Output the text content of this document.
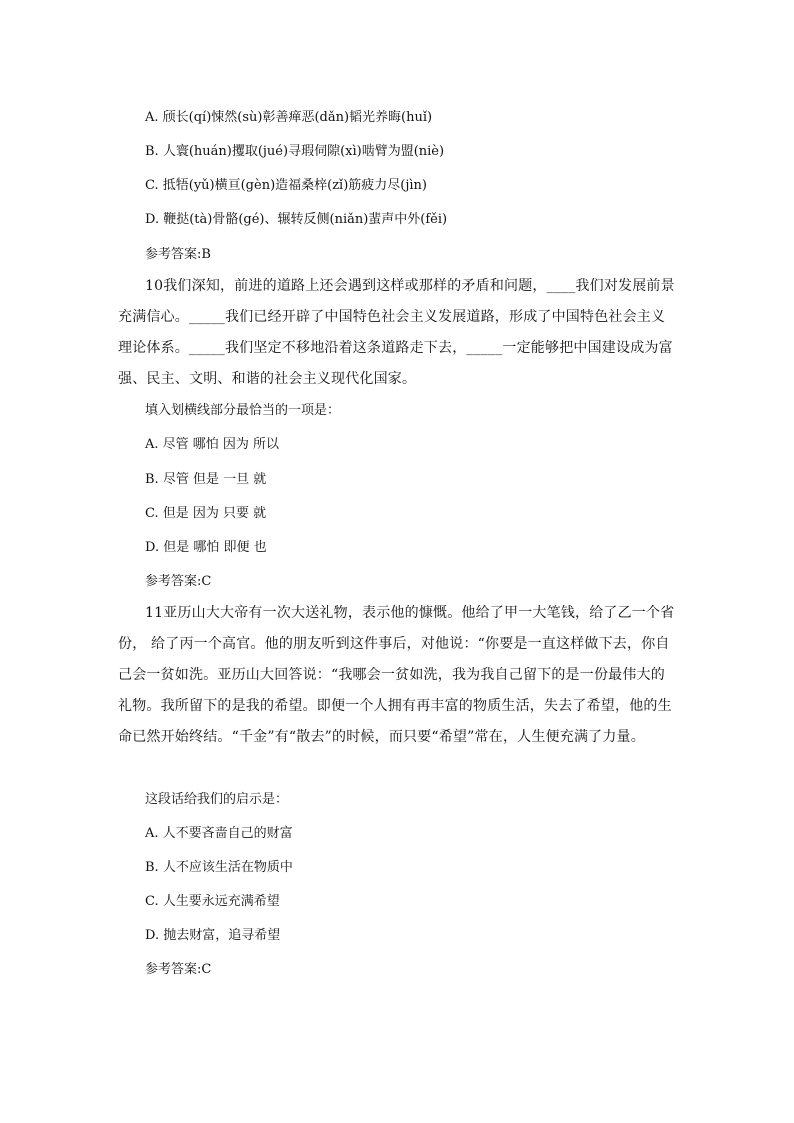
A. 颀长(qí)悚然(sù)彰善瘅恶(dǎn)韬光养晦(huǐ)
B. 人寰(huán)攫取(jué)寻瑕伺隙(xì)啮臂为盟(niè)
C. 抵牾(yǔ)横亘(gèn)造福桑梓(zǐ)筋疲力尽(jìn)
D. 鞭挞(tà)骨骼(gé)、辗转反侧(niǎn)蜚声中外(fěi)
参考答案:B
10我们深知，前进的道路上还会遇到这样或那样的矛盾和问题，____我们对发展前景充满信心。_____我们已经开辟了中国特色社会主义发展道路，形成了中国特色社会主义理论体系。_____我们坚定不移地沿着这条道路走下去，_____一定能够把中国建设成为富强、民主、文明、和谐的社会主义现代化国家。
填入划横线部分最恰当的一项是：
A. 尽管 哪怕 因为 所以
B. 尽管 但是 一旦 就
C. 但是 因为 只要 就
D. 但是 哪怕 即便 也
参考答案:C
11亚历山大大帝有一次大送礼物，表示他的慷慨。他给了甲一大笔钱，给了乙一个省份， 给了丙一个高官。他的朋友听到这件事后，对他说：“你要是一直这样做下去，你自己会一贫如洗。亚历山大回答说：“我哪会一贫如洗，我为我自己留下的是一份最伟大的礼物。我所留下的是我的希望。即便一个人拥有再丰富的物质生活，失去了希望，他的生命已然开始终结。“千金”有“散去”的时候，而只要“希望”常在，人生便充满了力量。
这段话给我们的启示是：
A. 人不要吝啬自己的财富
B. 人不应该生活在物质中
C. 人生要永远充满希望
D. 抛去财富，追寻希望
参考答案:C
